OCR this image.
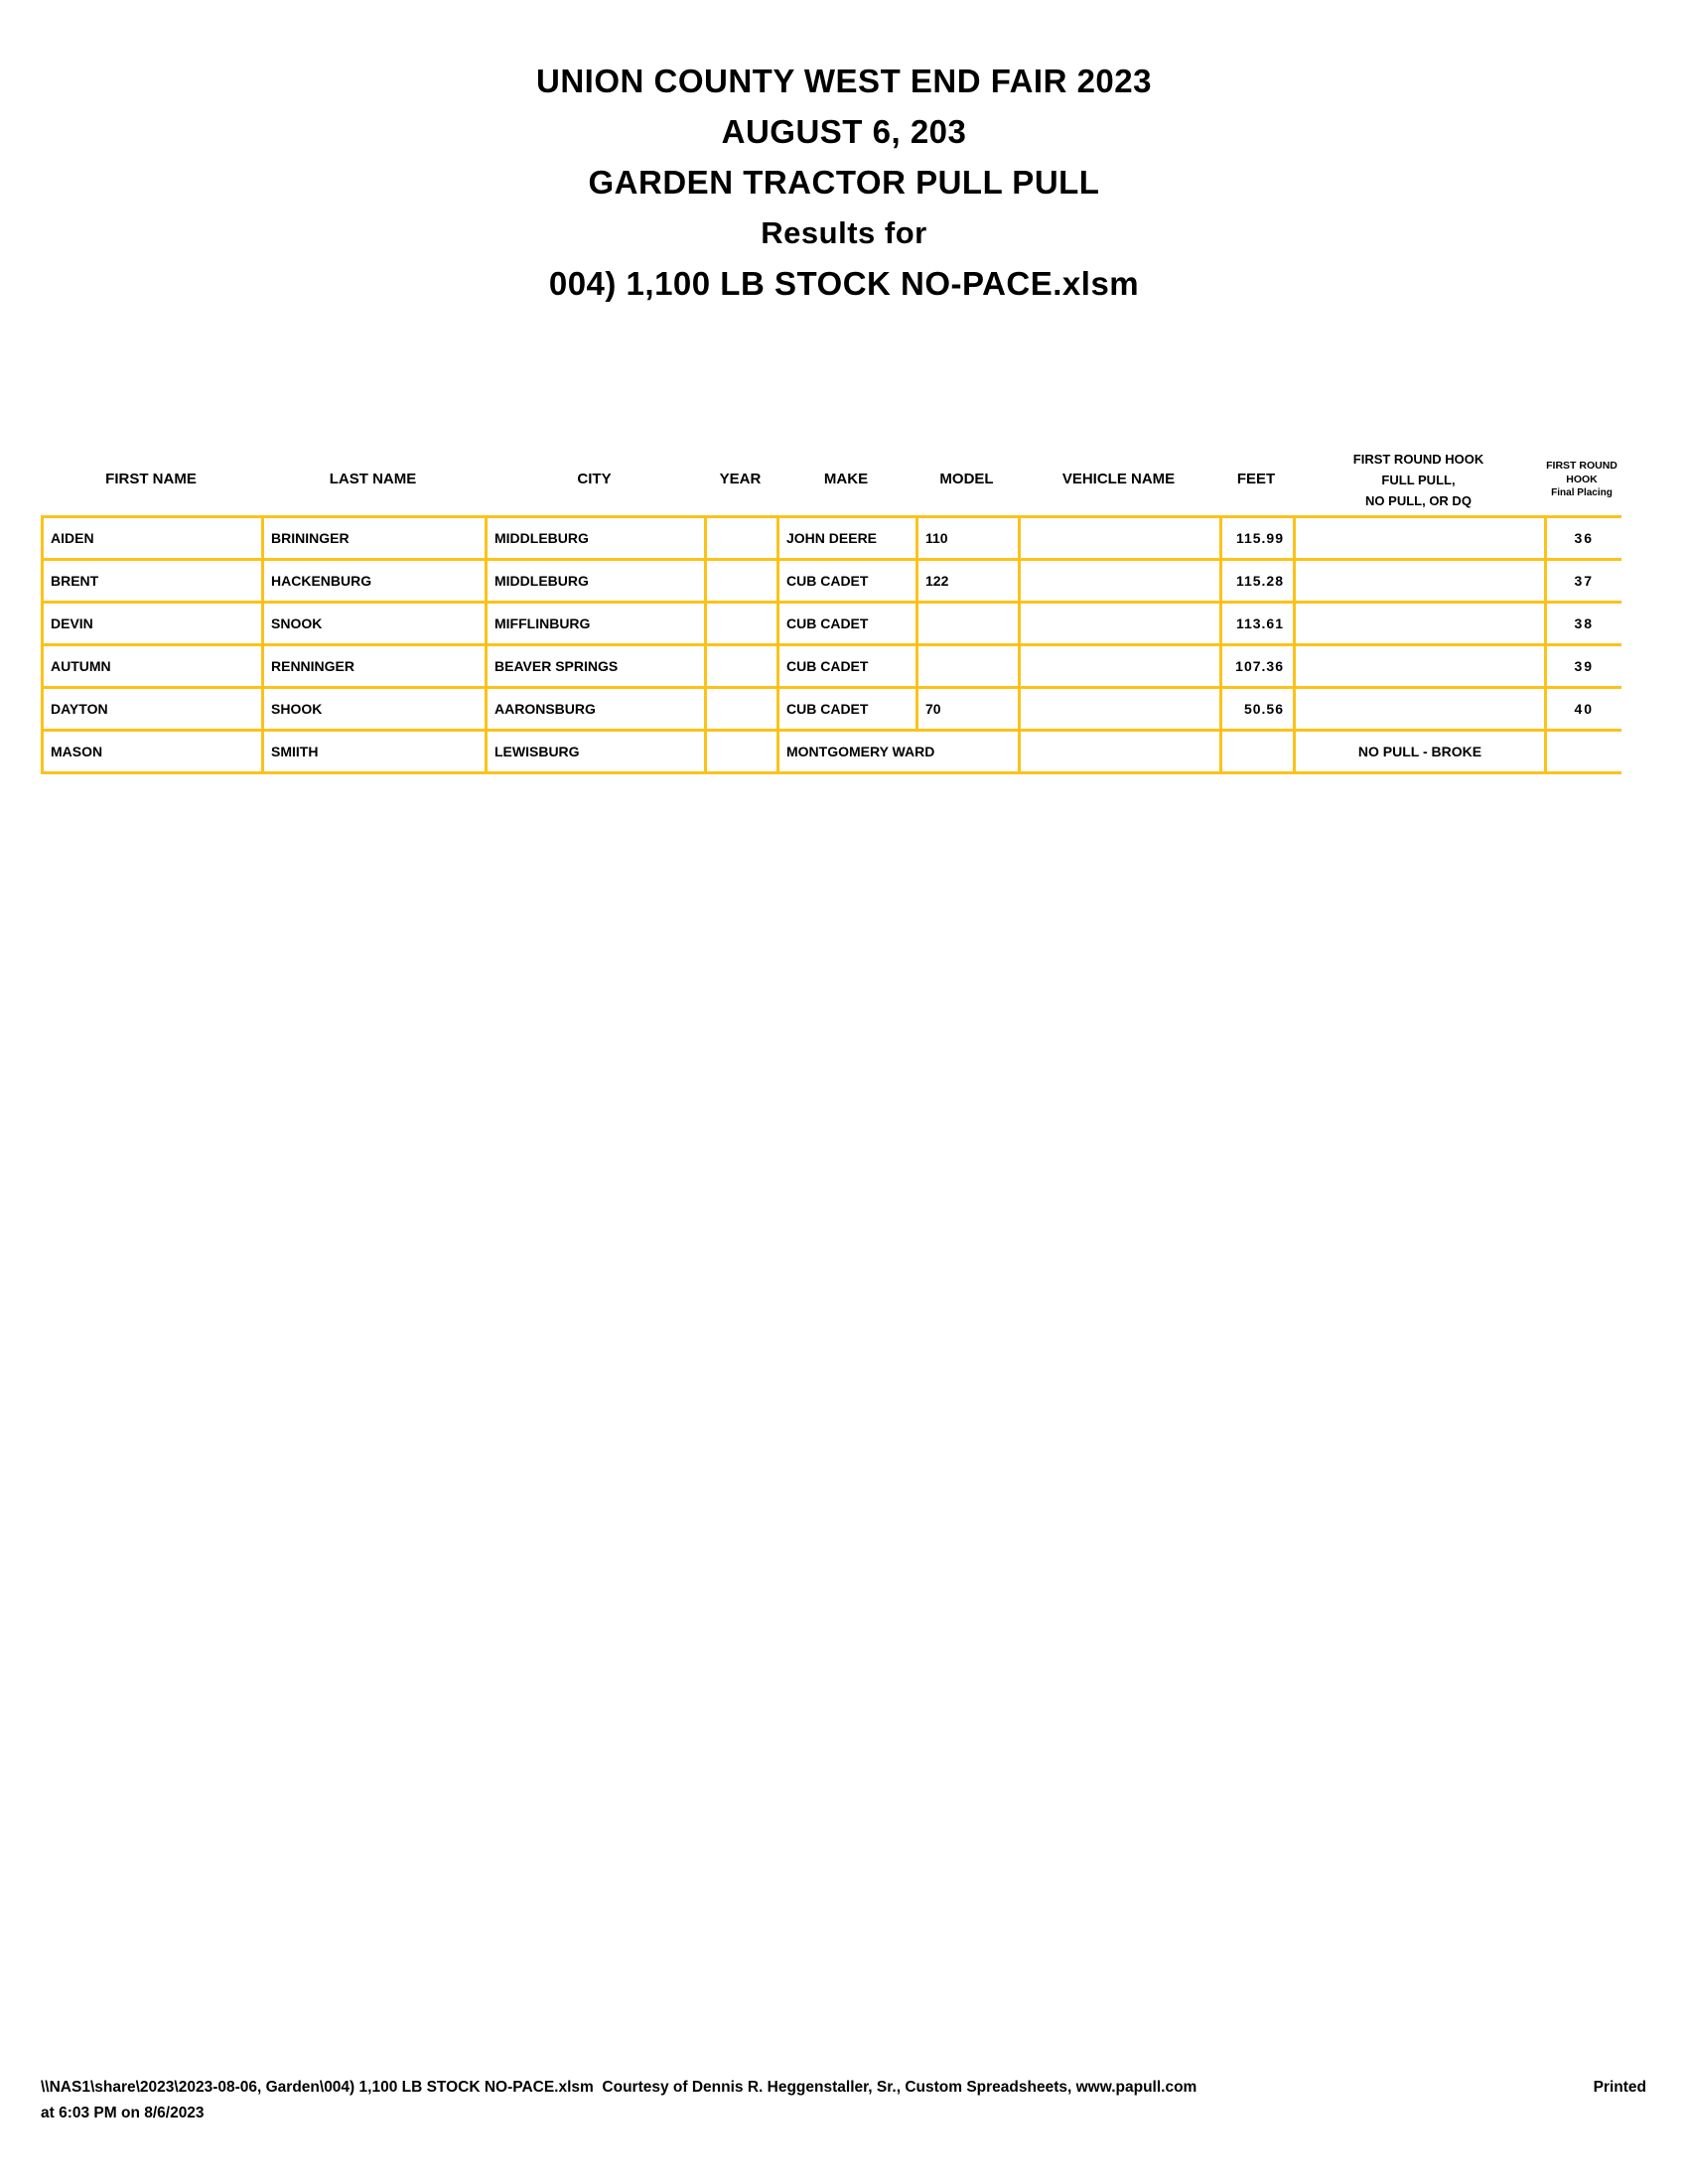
UNION COUNTY WEST END FAIR 2023
AUGUST 6, 203
GARDEN TRACTOR PULL PULL
Results for
004) 1,100 LB STOCK NO-PACE.xlsm
FIRST NAME	LAST NAME	CITY	YEAR	MAKE	MODEL	VEHICLE NAME	FEET
FIRST ROUND HOOK
FULL PULL,
NO PULL, OR DQ
FIRST ROUND
HOOK
Final Placing
AIDEN	BRININGER	MIDDLEBURG		JOHN DEERE	110		115.99		36
BRENT	HACKENBURG	MIDDLEBURG		CUB CADET	122		115.28		37
DEVIN	SNOOK	MIFFLINBURG		CUB CADET			113.61		38
AUTUMN	RENNINGER	BEAVER SPRINGS		CUB CADET			107.36		39
DAYTON	SHOOK	AARONSBURG		CUB CADET	70		50.56		40
MASON	SMIITH	LEWISBURG		MONTGOMERY WARD				NO PULL - BROKE	
\\NAS1\share\2023\2023-08-06, Garden\004) 1,100 LB STOCK NO-PACE.xlsm  Courtesy of Dennis R. Heggenstaller, Sr., Custom Spreadsheets, www.papull.com	Printed
at 6:03 PM on 8/6/2023
